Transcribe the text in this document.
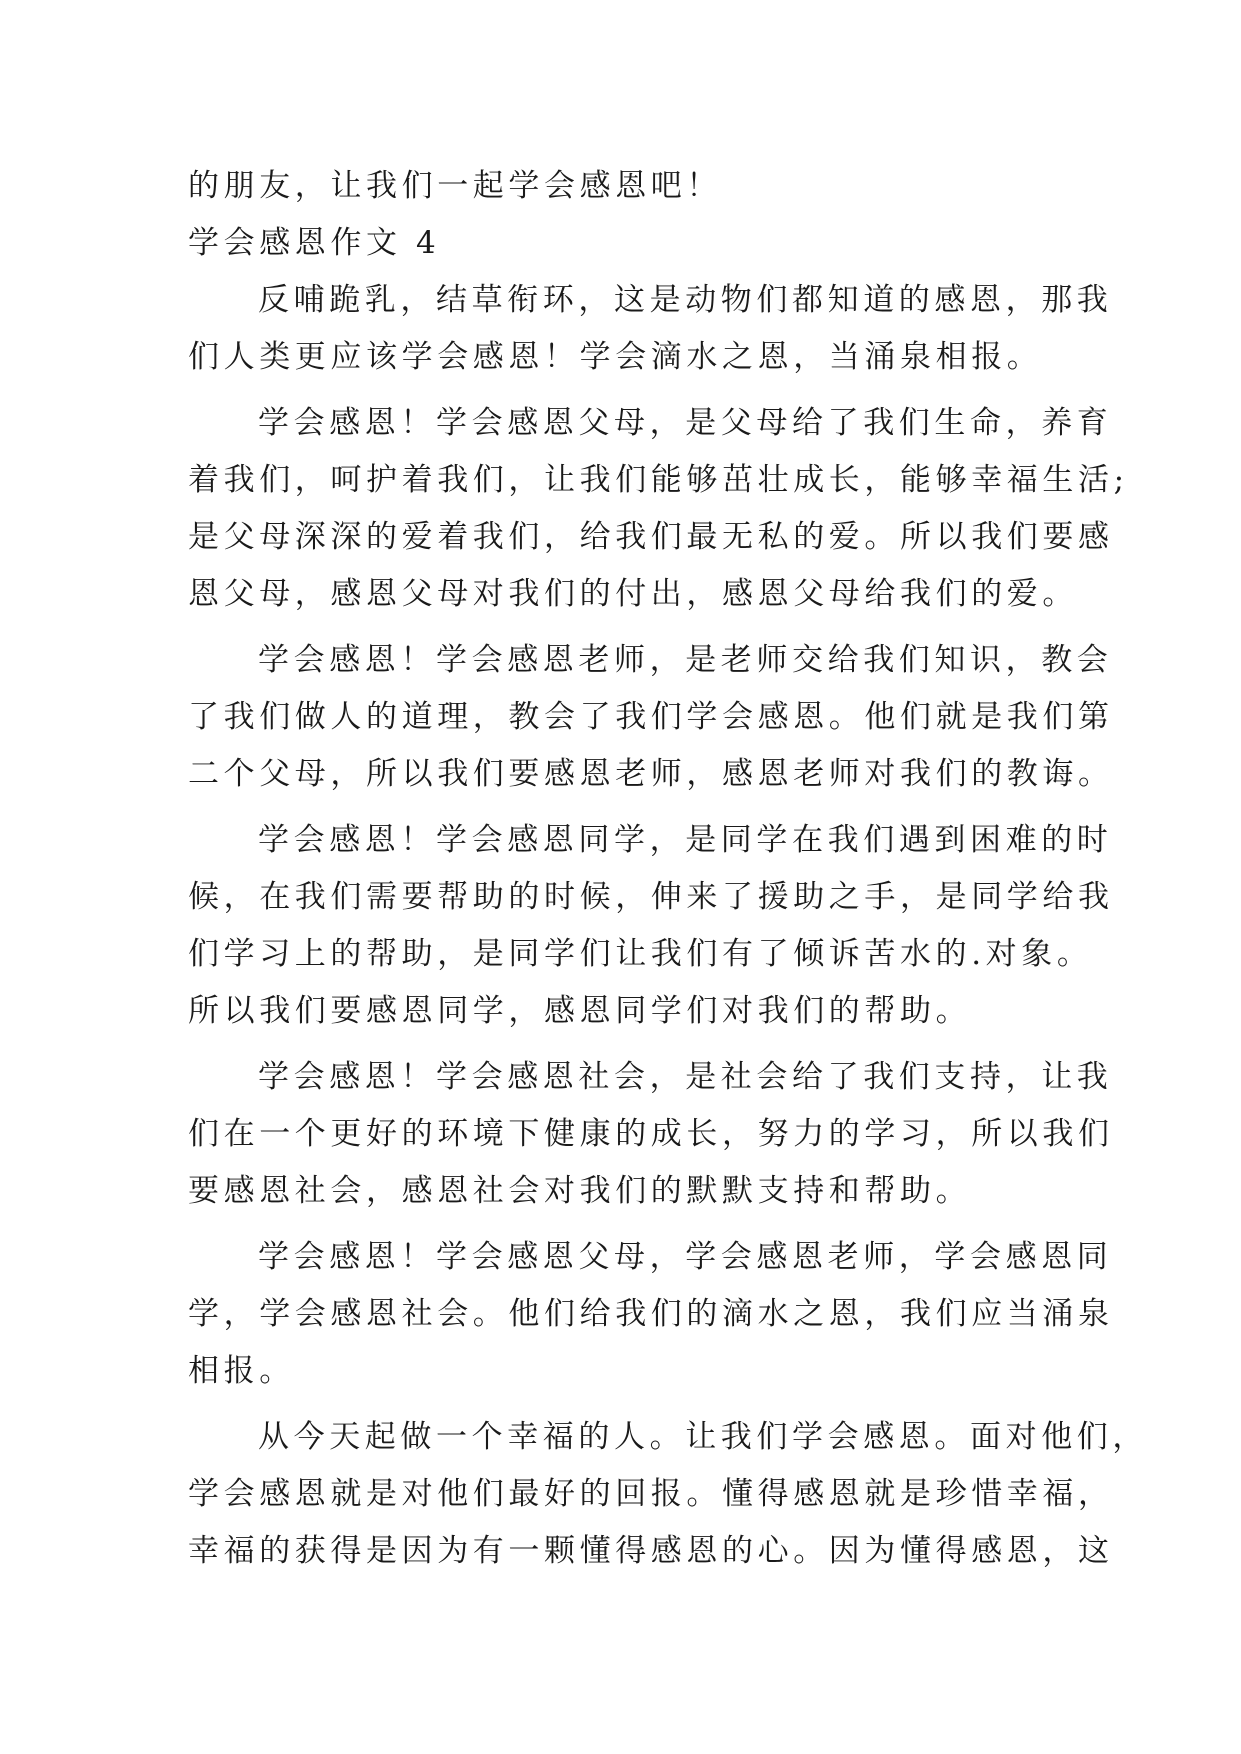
的朋友，让我们一起学会感恩吧！
学会感恩作文 4
反哺跪乳，结草衔环，这是动物们都知道的感恩，那我
们人类更应该学会感恩！学会滴水之恩，当涌泉相报。
学会感恩！学会感恩父母，是父母给了我们生命，养育
着我们，呵护着我们，让我们能够茁壮成长，能够幸福生活;
是父母深深的爱着我们，给我们最无私的爱。所以我们要感
恩父母，感恩父母对我们的付出，感恩父母给我们的爱。
学会感恩！学会感恩老师，是老师交给我们知识，教会
了我们做人的道理，教会了我们学会感恩。他们就是我们第
二个父母，所以我们要感恩老师，感恩老师对我们的教诲。
学会感恩！学会感恩同学，是同学在我们遇到困难的时
候，在我们需要帮助的时候，伸来了援助之手，是同学给我
们学习上的帮助，是同学们让我们有了倾诉苦水的.对象。
所以我们要感恩同学，感恩同学们对我们的帮助。
学会感恩！学会感恩社会，是社会给了我们支持，让我
们在一个更好的环境下健康的成长，努力的学习，所以我们
要感恩社会，感恩社会对我们的默默支持和帮助。
学会感恩！学会感恩父母，学会感恩老师，学会感恩同
学，学会感恩社会。他们给我们的滴水之恩，我们应当涌泉
相报。
从今天起做一个幸福的人。让我们学会感恩。面对他们，
学会感恩就是对他们最好的回报。懂得感恩就是珍惜幸福，
幸福的获得是因为有一颗懂得感恩的心。因为懂得感恩，这
